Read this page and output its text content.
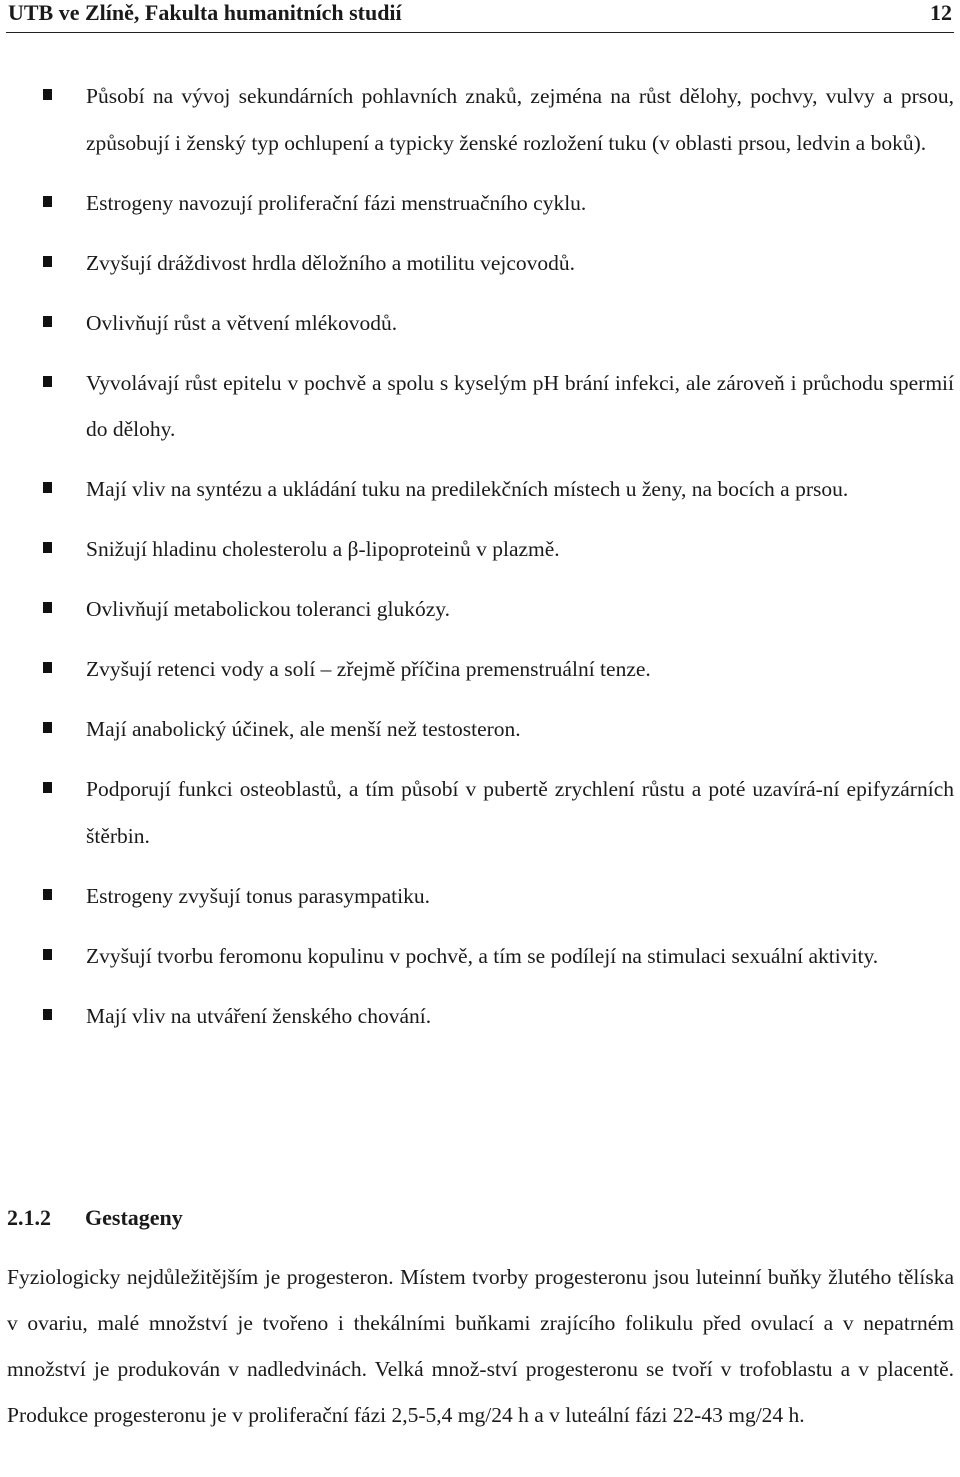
UTB ve Zlíně, Fakulta humanitních studií	12
Působí na vývoj sekundárních pohlavních znaků, zejména na růst dělohy, pochvy, vulvy a prsou, způsobují i ženský typ ochlupení a typicky ženské rozložení tuku (v oblasti prsou, ledvin a boků).
Estrogeny navozují proliferační fázi menstruačního cyklu.
Zvyšují dráždivost hrdla děložního a motilitu vejcovodů.
Ovlivňují růst a větvení mlékovodů.
Vyvolávají růst epitelu v pochvě a spolu s kyselým pH brání infekci, ale zároveň i průchodu spermií do dělohy.
Mají vliv na syntézu a ukládání tuku na predilekčních místech u ženy, na bocích a prsou.
Snižují hladinu cholesterolu a β-lipoproteinů v plazmě.
Ovlivňují metabolickou toleranci glukózy.
Zvyšují retenci vody a solí – zřejmě příčina premenstruální tenze.
Mají anabolický účinek, ale menší než testosteron.
Podporují funkci osteoblastů, a tím působí v pubertě zrychlení růstu a poté uzavírá-ní epifyzárních štěrbin.
Estrogeny zvyšují tonus parasympatiku.
Zvyšují tvorbu feromonu kopulinu v pochvě, a tím se podílejí na stimulaci sexuální aktivity.
Mají vliv na utváření ženského chování.
2.1.2 Gestageny

Fyziologicky nejdůležitějším je progesteron. Místem tvorby progesteronu jsou luteinní buňky žlutého tělíska v ovariu, malé množství je tvořeno i thekálními buňkami zrajícího folikulu před ovulací a v nepatrném množství je produkován v nadledvinách. Velká množ-ství progesteronu se tvoří v trofoblastu a v placentě. Produkce progesteronu je v proliferační fázi 2,5-5,4 mg/24 h a v luteální fázi 22-43 mg/24 h.
